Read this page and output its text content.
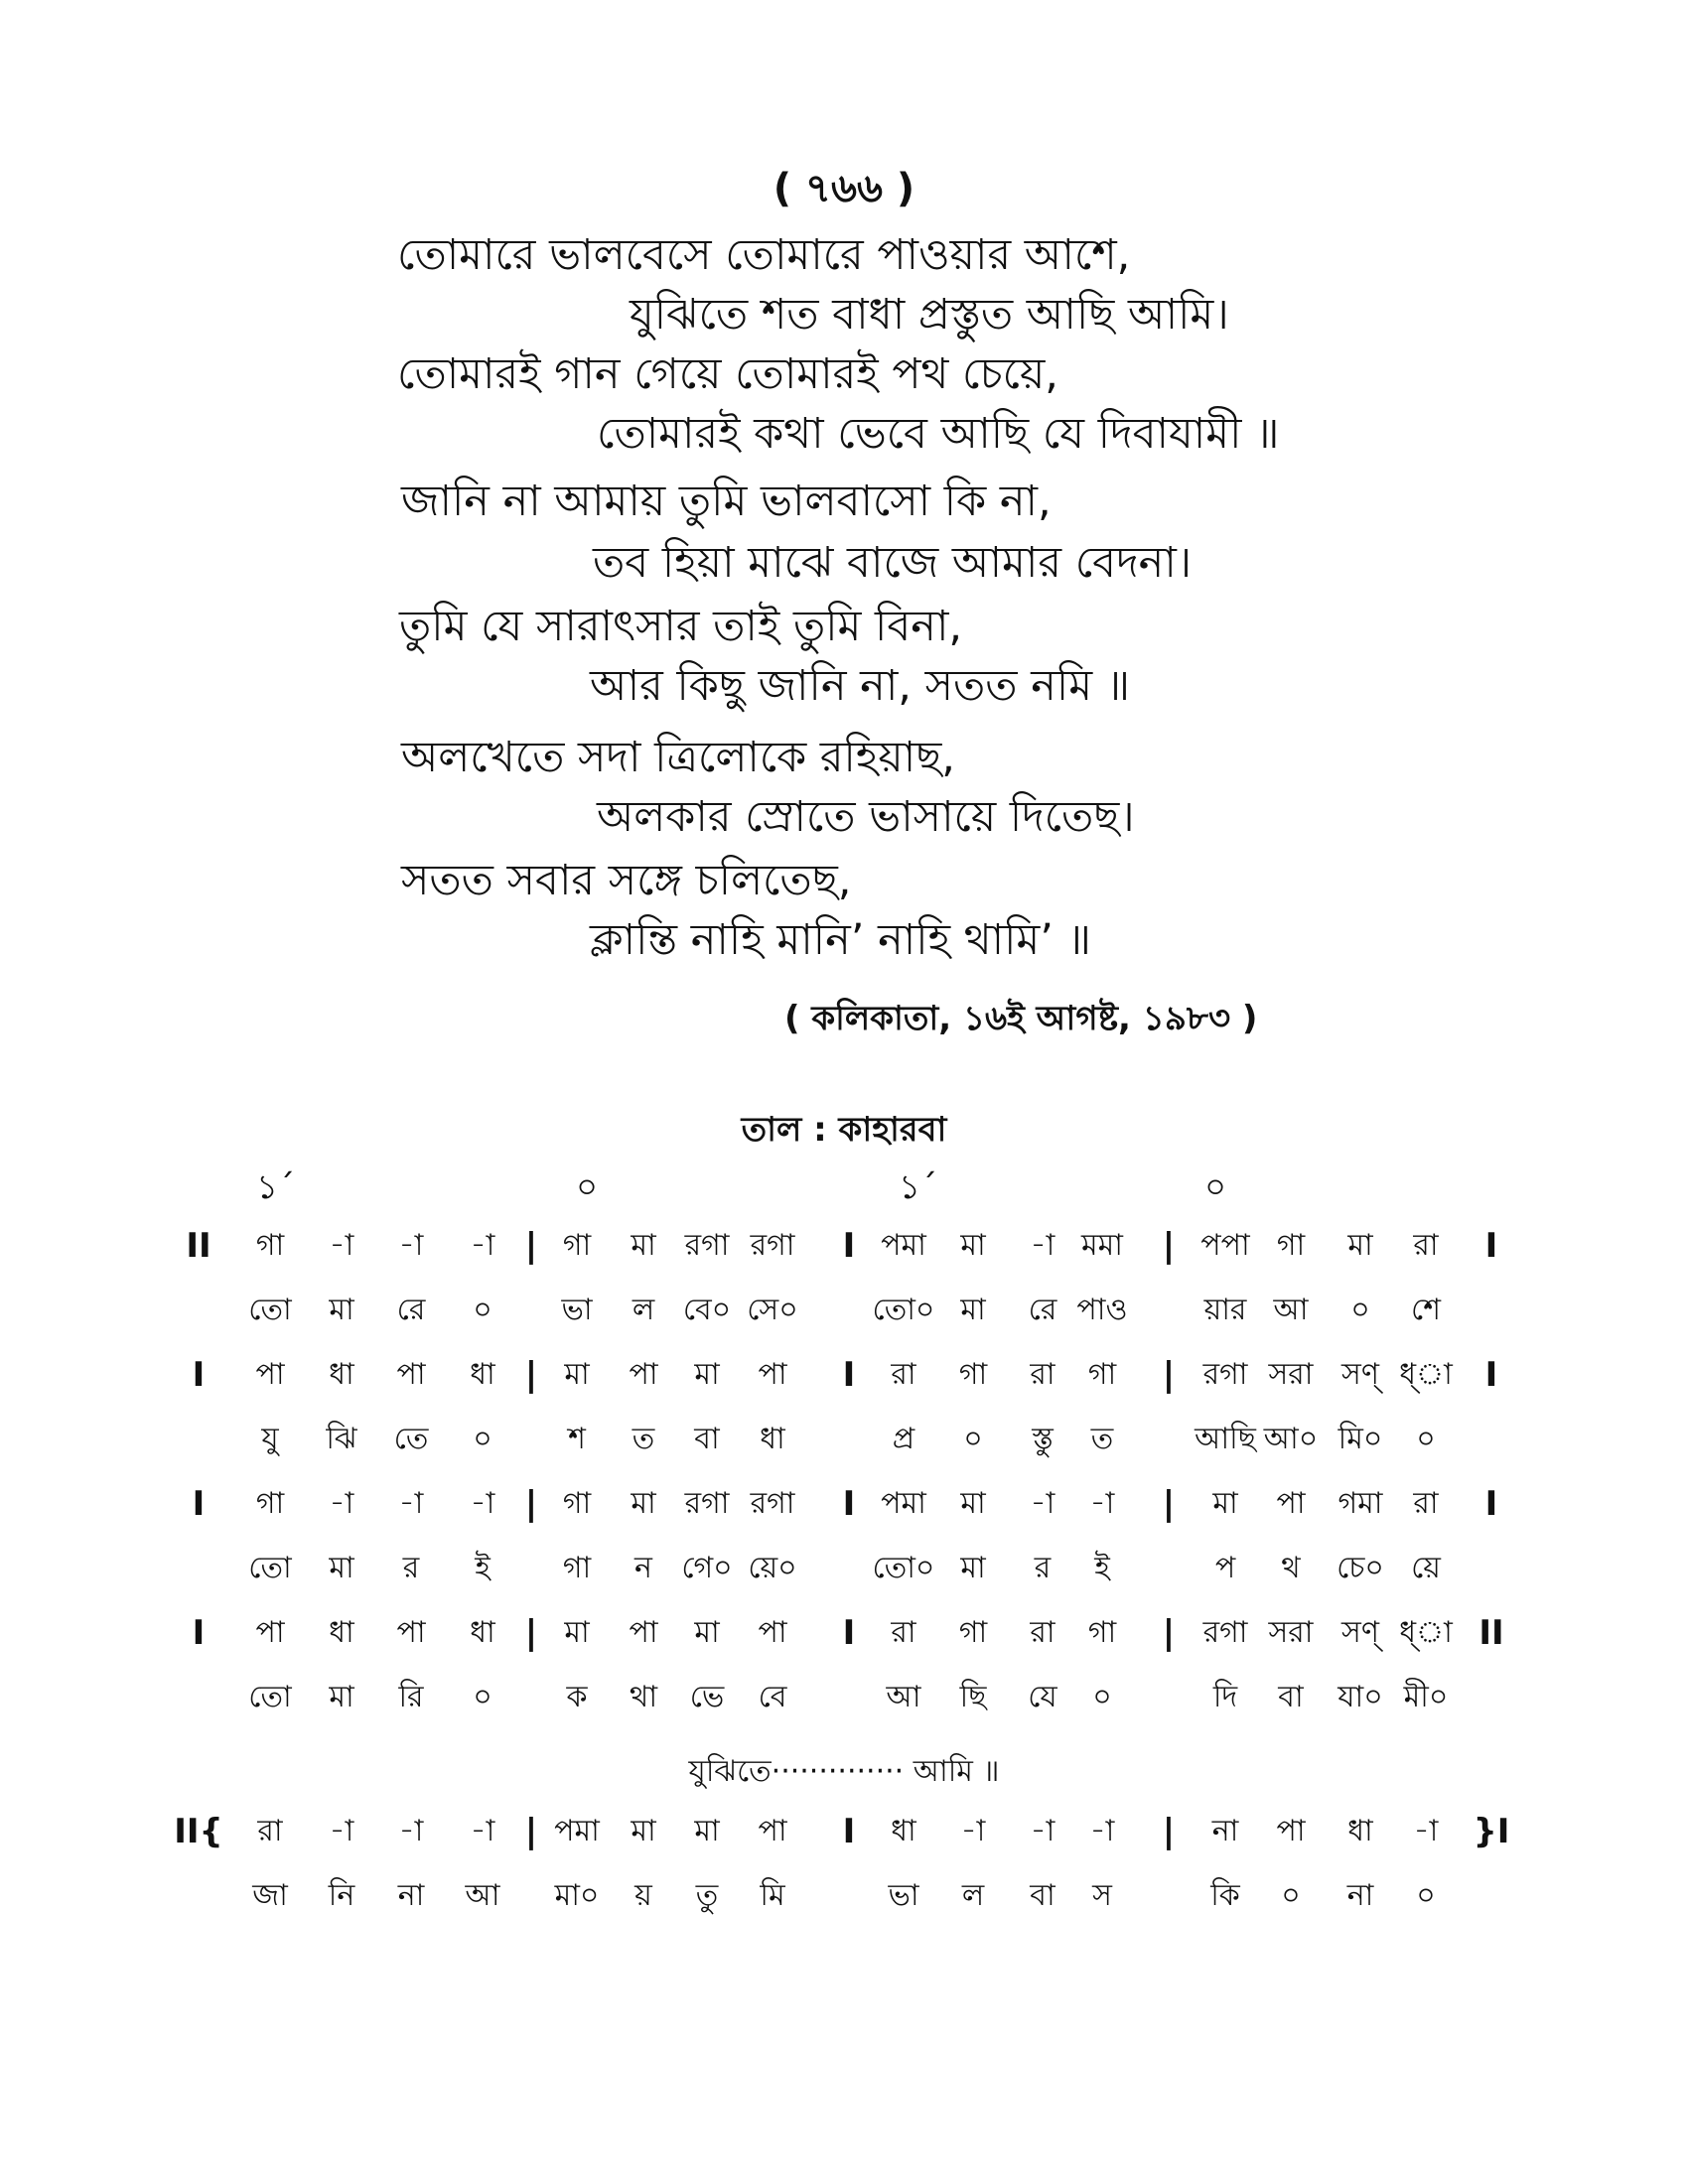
( ৭৬৬ )
তোমারে ভালবেসে তোমারে পাওয়ার আশে,
যুঝিতে শত বাধা প্রস্তুত আছি আমি।
তোমারই গান গেয়ে তোমারই পথ চেয়ে,
তোমারই কথা ভেবে আছি যে দিবাযামী ॥
জানি না আমায় তুমি ভালবাসো কি না,
তব হিয়া মাঝে বাজে আমার বেদনা।
তুমি যে সারাৎসার তাই তুমি বিনা,
আর কিছু জানি না, সতত নমি ॥
অলখেতে সদা ত্রিলোকে রহিয়াছ,
অলকার স্রোতে ভাসায়ে দিতেছ।
সতত সবার সঙ্গে চলিতেছ,
ক্লান্তি নাহি মানি’ নাহি থামি’ ॥
( কলিকাতা, ১৬ই আগষ্ট, ১৯৮৩ )
তাল : কাহারবা
১´	০	১´	০
II গা -া -া -া | গা মা রগা রগা I পমা মা -া মমা | পপা গা মা রা I
তো মা রে ০ ভা ল বে০ সে০ তো০ মা রে পাও	য়ার আ ০ শে
I পা ধা পা ধা | মা পা মা পা I রা গা রা গা | রগা সরা সণ্ ধ্া I
যু ঝি তে ০	শ ত বা ধা	প্র ০ স্তু ত	আছি আ০ মি০ ০
I গা -া -া -া | গা মা রগা রগা I পমা মা -া -া | মা পা গমা রা I
তো মা র ই গা ন গে০ য়ে০	তো০ মা র ই	প থ চে০ য়ে
I পা ধা পা ধা | মা পা মা পা I রা গা রা গা | রগা সরা সণ্ ধ্া II
তো মা রি ০ ক থা ভে বে	আ ছি যে ০	দি বা যা০ মী০
II{ রা -া -া -া | পমা মা মা পা I ধা -া -া -া | না পা ধা -া }I
জা নি না আ মা০ য় তু মি	ভা ল বা স	কি ০ না ০
যুঝিতে·············· আমি ॥
